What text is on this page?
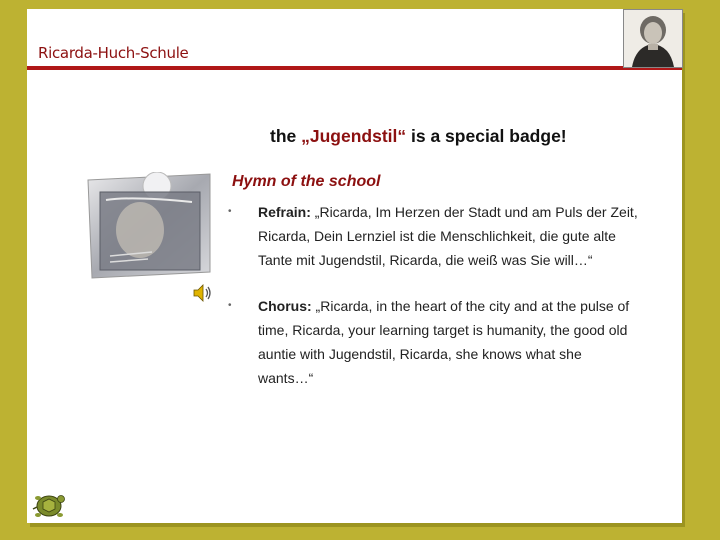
Ricarda-Huch-Schule
the „Jugendstil“ is a special badge!
Hymn of the school
• Refrain: „Ricarda, Im Herzen der Stadt und am Puls der Zeit, Ricarda, Dein Lernziel ist die Menschlichkeit, die gute alte Tante mit Jugendstil, Ricarda, die weiß was Sie will…“
• Chorus: „Ricarda, in the heart of the city and at the pulse of time, Ricarda, your learning target is humanity, the good old auntie with Jugendstil, Ricarda, she knows what she wants…“
